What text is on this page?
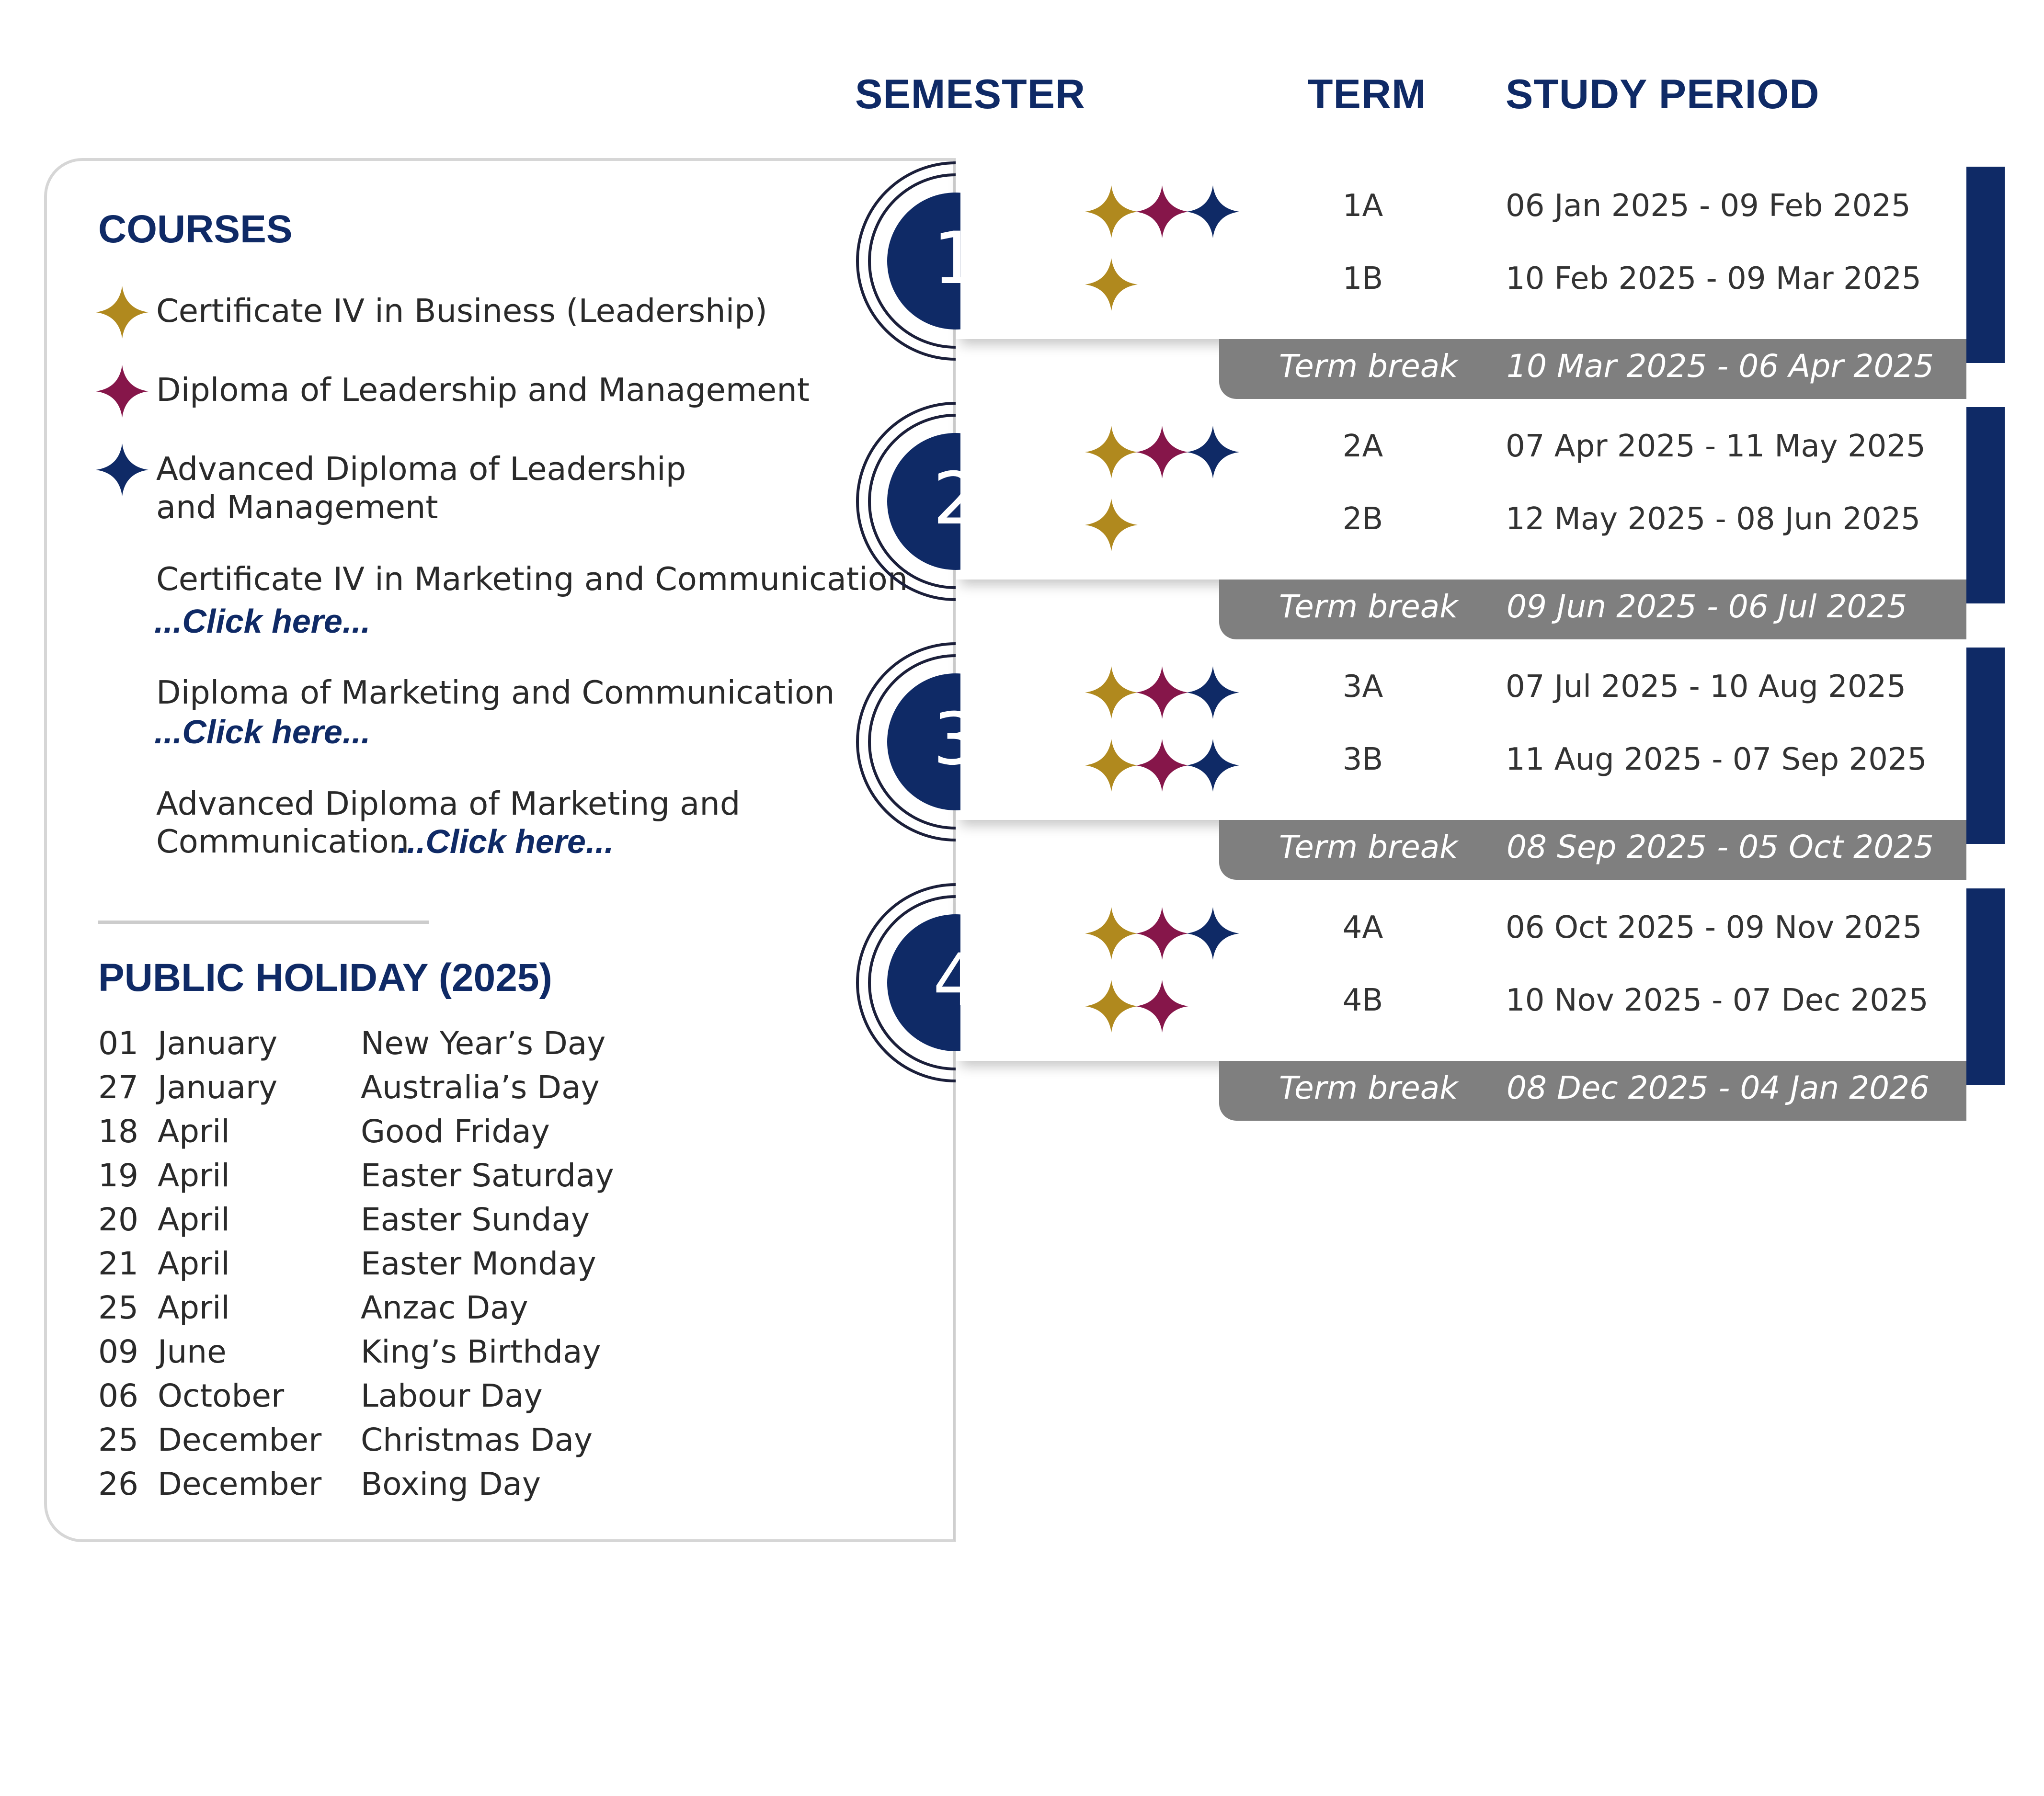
SEMESTER	TERM STUDY PERIOD
COURSES
Certificate IV in Business (Leadership)
Diploma of Leadership and Management
Advanced Diploma of Leadership
and Management
Certificate IV in Marketing and Communication
...Click here...
Diploma of Marketing and Communication
...Click here...
Advanced Diploma of Marketing and
Communication
...Click here...
PUBLIC HOLIDAY (2025)
01 January	New Year’s Day
27 January	Australia’s Day
18 April	Good Friday
19 April	Easter Saturday
20 April	Easter Sunday
21 April	Easter Monday
25 April	Anzac Day
09 June	King’s Birthday
06 October Labour Day
25 December Christmas Day
26 December Boxing Day
1
1A	06 Jan 2025 - 09 Feb 2025
1B	10 Feb 2025 - 09 Mar 2025
Term break 10 Mar 2025 - 06 Apr 2025
2
2A	07 Apr 2025 - 11 May 2025
2B	12 May 2025 - 08 Jun 2025
Term break 09 Jun 2025 - 06 Jul 2025
3
3A	07 Jul 2025 - 10 Aug 2025
3B	11 Aug 2025 - 07 Sep 2025
Term break 08 Sep 2025 - 05 Oct 2025
4
4A	06 Oct 2025 - 09 Nov 2025
4B	10 Nov 2025 - 07 Dec 2025
Term break 08 Dec 2025 - 04 Jan 2026
